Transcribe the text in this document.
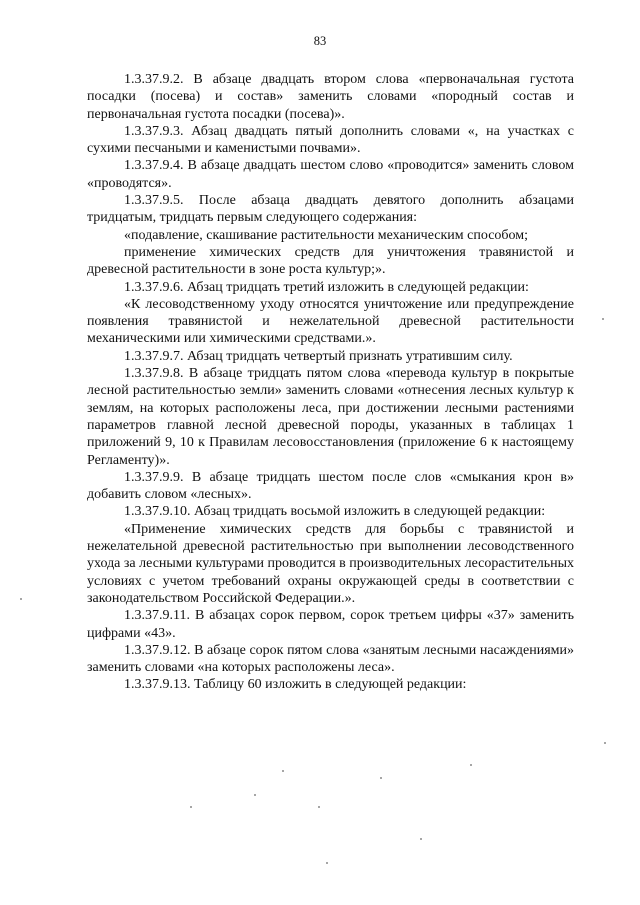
83

1.3.37.9.2. В абзаце двадцать втором слова «первоначальная густота посадки (посева) и состав» заменить словами «породный состав и первоначальная густота посадки (посева)».

1.3.37.9.3. Абзац двадцать пятый дополнить словами «, на участках с сухими песчаными и каменистыми почвами».

1.3.37.9.4. В абзаце двадцать шестом слово «проводится» заменить словом «проводятся».

1.3.37.9.5. После абзаца двадцать девятого дополнить абзацами тридцатым, тридцать первым следующего содержания:

«подавление, скашивание растительности механическим способом;

применение химических средств для уничтожения травянистой и древесной растительности в зоне роста культур;».

1.3.37.9.6. Абзац тридцать третий изложить в следующей редакции:

«К лесоводственному уходу относятся уничтожение или предупреждение появления травянистой и нежелательной древесной растительности механическими или химическими средствами.».

1.3.37.9.7. Абзац тридцать четвертый признать утратившим силу.

1.3.37.9.8. В абзаце тридцать пятом слова «перевода культур в покрытые лесной растительностью земли» заменить словами «отнесения лесных культур к землям, на которых расположены леса, при достижении лесными растениями параметров главной лесной древесной породы, указанных в таблицах 1 приложений 9, 10 к Правилам лесовосстановления (приложение 6 к настоящему Регламенту)».

1.3.37.9.9. В абзаце тридцать шестом после слов «смыкания крон в» добавить словом «лесных».

1.3.37.9.10. Абзац тридцать восьмой изложить в следующей редакции:

«Применение химических средств для борьбы с травянистой и нежелательной древесной растительностью при выполнении лесоводственного ухода за лесными культурами проводится в производительных лесорастительных условиях с учетом требований охраны окружающей среды в соответствии с законодательством Российской Федерации.».

1.3.37.9.11. В абзацах сорок первом, сорок третьем цифры «37» заменить цифрами «43».

1.3.37.9.12. В абзаце сорок пятом слова «занятым лесными насаждениями» заменить словами «на которых расположены леса».

1.3.37.9.13. Таблицу 60 изложить в следующей редакции:
